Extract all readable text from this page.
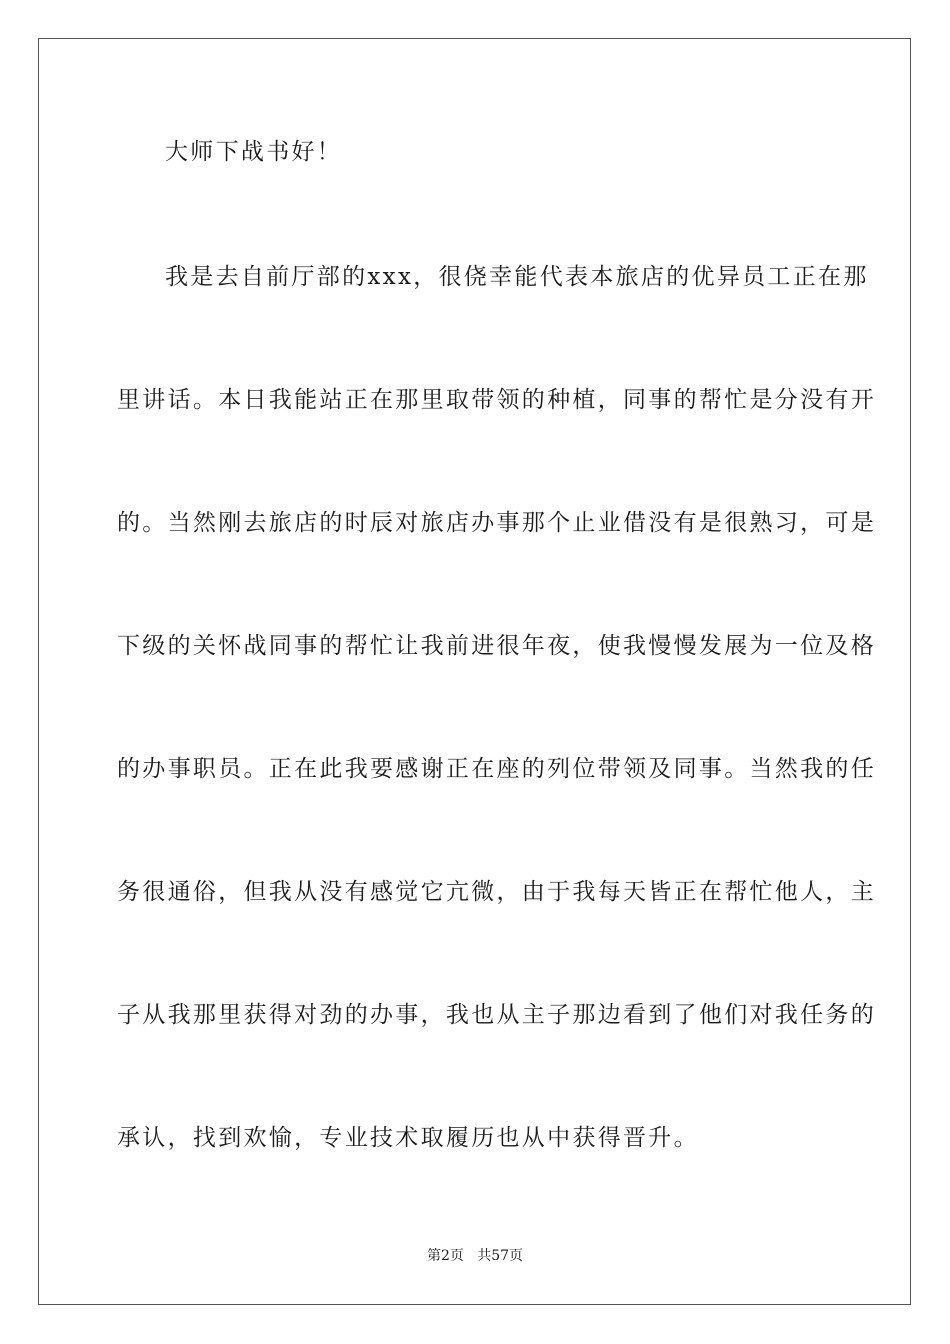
大师下战书好！
我是去自前厅部的xxx，很侥幸能代表本旅店的优异员工正在那
里讲话。本日我能站正在那里取带领的种植，同事的帮忙是分没有开
的。当然刚去旅店的时辰对旅店办事那个止业借没有是很熟习，可是
下级的关怀战同事的帮忙让我前进很年夜，使我慢慢发展为一位及格
的办事职员。正在此我要感谢正在座的列位带领及同事。当然我的任
务很通俗，但我从没有感觉它亢微，由于我每天皆正在帮忙他人，主
子从我那里获得对劲的办事，我也从主子那边看到了他们对我任务的
承认，找到欢愉，专业技术取履历也从中获得晋升。
第2页   共57页
